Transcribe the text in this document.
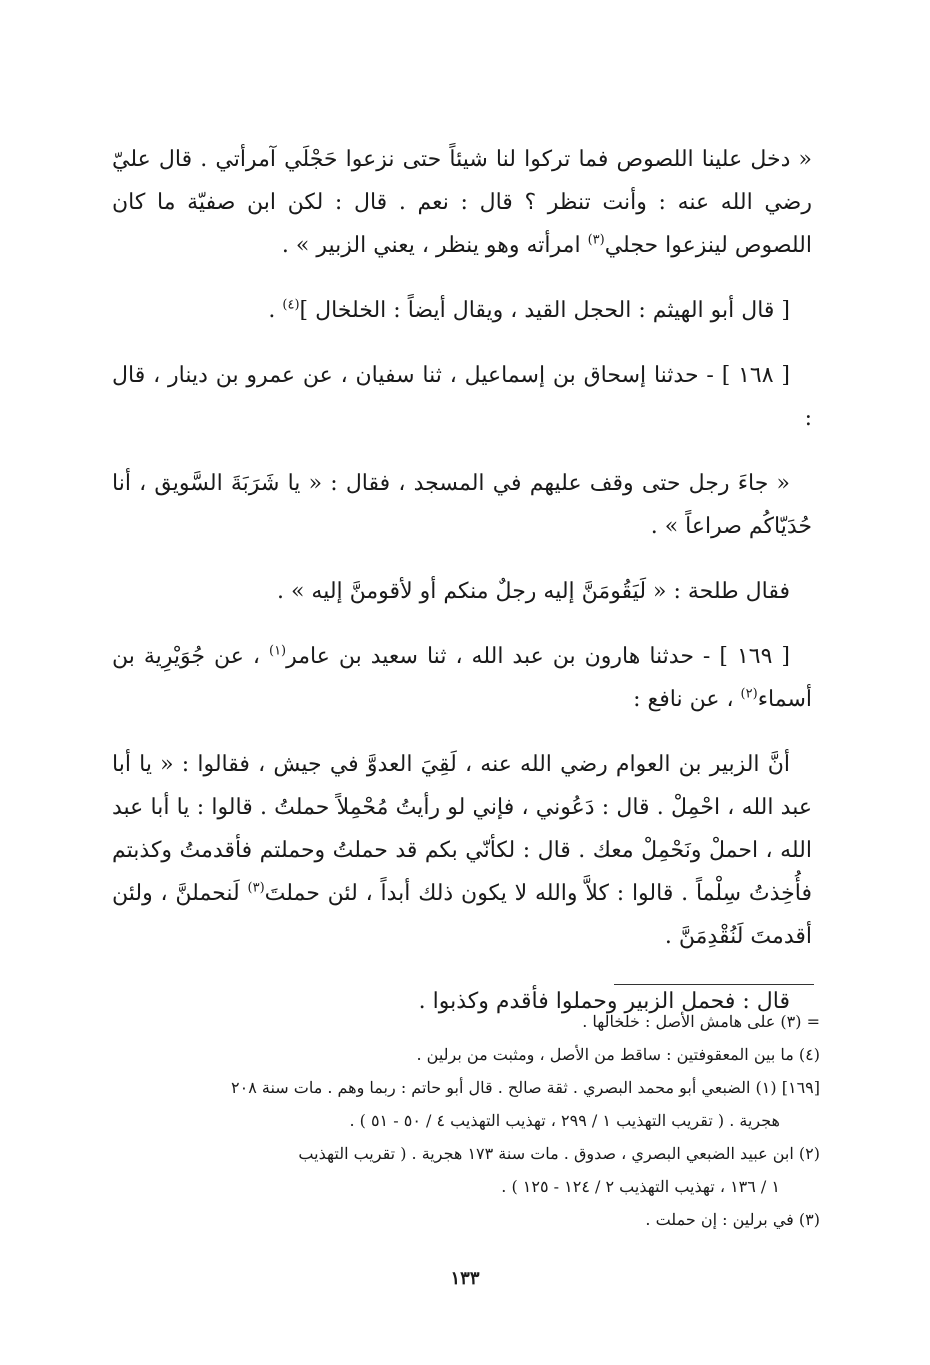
« دخل علينا اللصوص فما تركوا لنا شيئاً حتى نزعوا حَجْلَي آمرأتي . قال عليّ رضي الله عنه : وأنت تنظر ؟ قال : نعم . قال : لكن ابن صفيّة ما كان اللصوص لينزعوا حجلي$^{(٣)}$ امرأته وهو ينظر ، يعني الزبير » .

[ قال أبو الهيثم : الحجل القيد ، ويقال أيضاً : الخلخال ]$^{(٤)}$ .

[ ١٦٨ ] - حدثنا إسحاق بن إسماعيل ، ثنا سفيان ، عن عمرو بن دينار ، قال :

« جاءَ رجل حتى وقف عليهم في المسجد ، فقال : « يا شَرَبَةَ السَّويق ، أنا حُدَيّاكُم صراعاً » .

فقال طلحة : « لَيَقُومَنَّ إليه رجلٌ منكم أو لأقومنَّ إليه » .

[ ١٦٩ ] - حدثنا هارون بن عبد الله ، ثنا سعيد بن عامر$^{(١)}$ ، عن جُوَيْرِية بن أسماء$^{(٢)}$ ، عن نافع :

أنَّ الزبير بن العوام رضي الله عنه ، لَقِيَ العدوَّ في جيش ، فقالوا : « يا أبا عبد الله ، احْمِلْ . قال : دَعُوني ، فإني لو رأيتُ مُحْمِلاً حملتُ . قالوا : يا أبا عبد الله ، احملْ ونَحْمِلْ معك . قال : لكأنّي بكم قد حملتُ وحملتم فأقدمتُ وكذبتم فأُخِذتُ سِلْماً . قالوا : كلاَّ والله لا يكون ذلك أبداً ، لئن حملتَ$^{(٣)}$ لَنحملنَّ ، ولئن أقدمتَ لَنُقْدِمَنَّ .

قال : فحمل الزبير وحملوا فأقدم وكذبوا .

= (٣) على هامش الأصل : خلخالها .

(٤) ما بين المعقوفتين : ساقط من الأصل ، ومثبت من برلين .

[١٦٩] (١) الضبعي أبو محمد البصري . ثقة صالح . قال أبو حاتم : ربما وهم . مات سنة ٢٠٨
هجرية . ( تقريب التهذيب ١ / ٢٩٩ ، تهذيب التهذيب ٤ / ٥٠ - ٥١ ) .

(٢) ابن عبيد الضبعي البصري ، صدوق . مات سنة ١٧٣ هجرية . ( تقريب التهذيب
١ / ١٣٦ ، تهذيب التهذيب ٢ / ١٢٤ - ١٢٥ ) .

(٣) في برلين : إن حملت .

١٣٣
